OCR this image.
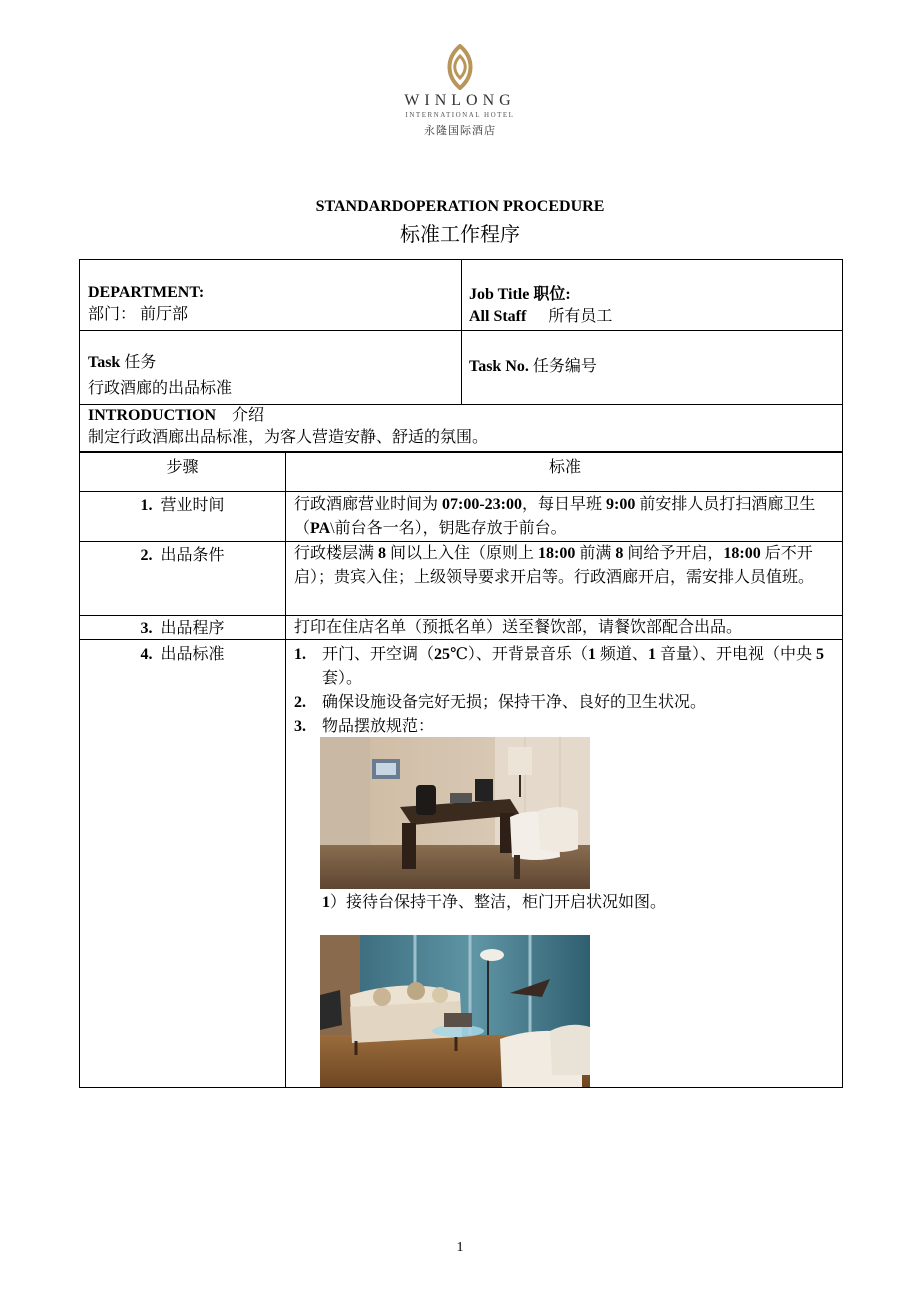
WINLONG
INTERNATIONAL HOTEL
永隆国际酒店
STANDARDOPERATION PROCEDURE
标准工作程序
DEPARTMENT:
部门： 前厅部
Job Title 职位:
All Staff 所有员工
Task 任务
行政酒廊的出品标准
Task No. 任务编号
INTRODUCTION 介绍
制定行政酒廊出品标准，为客人营造安静、舒适的氛围。
步骤	标准
1. 营业时间	行政酒廊营业时间为 07:00-23:00，每日早班 9:00 前安排人员打扫酒廊卫生（PA\前台各一名），钥匙存放于前台。
2. 出品条件	行政楼层满 8 间以上入住（原则上 18:00 前满 8 间给予开启，18:00 后不开启）；贵宾入住；上级领导要求开启等。行政酒廊开启，需安排人员值班。
3. 出品程序	打印在住店名单（预抵名单）送至餐饮部，请餐饮部配合出品。
4. 出品标准	1. 开门、开空调（25℃）、开背景音乐（1 频道、1 音量）、开电视（中央 5 套）。
2. 确保设施设备完好无损；保持干净、良好的卫生状况。
3. 物品摆放规范：
1）接待台保持干净、整洁，柜门开启状况如图。
1
